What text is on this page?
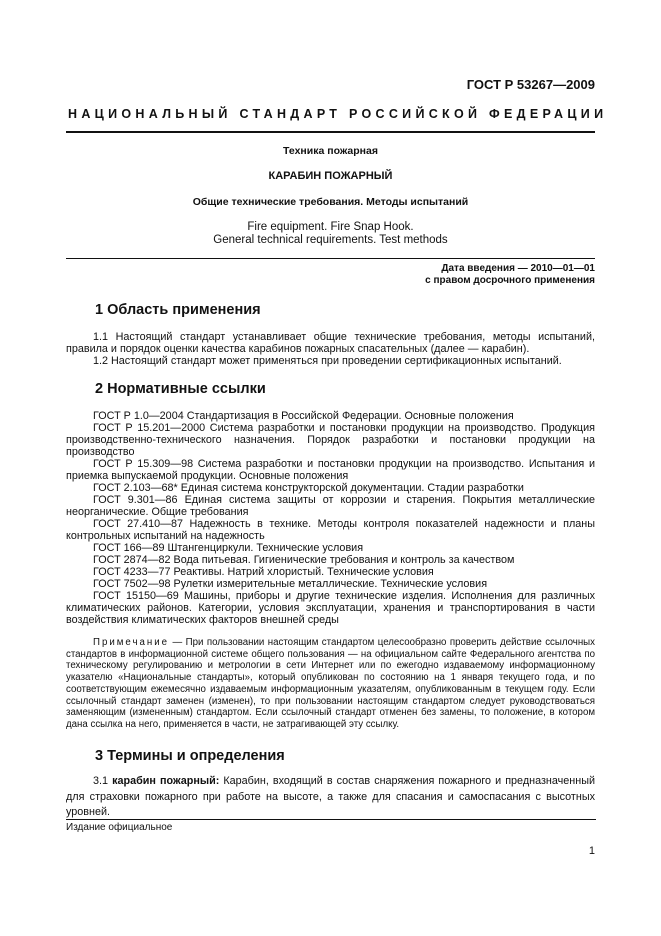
ГОСТ Р 53267—2009
НАЦИОНАЛЬНЫЙ СТАНДАРТ РОССИЙСКОЙ ФЕДЕРАЦИИ
Техника пожарная
КАРАБИН ПОЖАРНЫЙ
Общие технические требования. Методы испытаний
Fire equipment. Fire Snap Hook.
General technical requirements. Test methods
Дата введения — 2010—01—01
с правом досрочного применения
1 Область применения

1.1 Настоящий стандарт устанавливает общие технические требования, методы испытаний, правила и порядок оценки качества карабинов пожарных спасательных (далее — карабин).

1.2 Настоящий стандарт может применяться при проведении сертификационных испытаний.

2 Нормативные ссылки

ГОСТ Р 1.0—2004 Стандартизация в Российской Федерации. Основные положения

ГОСТ Р 15.201—2000 Система разработки и постановки продукции на производство. Продукция производственно-технического назначения. Порядок разработки и постановки продукции на производство

ГОСТ Р 15.309—98 Система разработки и постановки продукции на производство. Испытания и приемка выпускаемой продукции. Основные положения

ГОСТ 2.103—68* Единая система конструкторской документации. Стадии разработки

ГОСТ 9.301—86 Единая система защиты от коррозии и старения. Покрытия металлические неорганические. Общие требования

ГОСТ 27.410—87 Надежность в технике. Методы контроля показателей надежности и планы контрольных испытаний на надежность

ГОСТ 166—89 Штангенциркули. Технические условия

ГОСТ 2874—82 Вода питьевая. Гигиенические требования и контроль за качеством

ГОСТ 4233—77 Реактивы. Натрий хлористый. Технические условия

ГОСТ 7502—98 Рулетки измерительные металлические. Технические условия

ГОСТ 15150—69 Машины, приборы и другие технические изделия. Исполнения для различных климатических районов. Категории, условия эксплуатации, хранения и транспортирования в части воздействия климатических факторов внешней среды

Примечание — При пользовании настоящим стандартом целесообразно проверить действие ссылочных стандартов в информационной системе общего пользования — на официальном сайте Федерального агентства по техническому регулированию и метрологии в сети Интернет или по ежегодно издаваемому информационному указателю «Национальные стандарты», который опубликован по состоянию на 1 января текущего года, и по соответствующим ежемесячно издаваемым информационным указателям, опубликованным в текущем году. Если ссылочный стандарт заменен (изменен), то при пользовании настоящим стандартом следует руководствоваться заменяющим (измененным) стандартом. Если ссылочный стандарт отменен без замены, то положение, в котором дана ссылка на него, применяется в части, не затрагивающей эту ссылку.

3 Термины и определения

3.1 карабин пожарный: Карабин, входящий в состав снаряжения пожарного и предназначенный для страховки пожарного при работе на высоте, а также для спасания и самоспасания с высотных уровней.

Издание официальное
1
